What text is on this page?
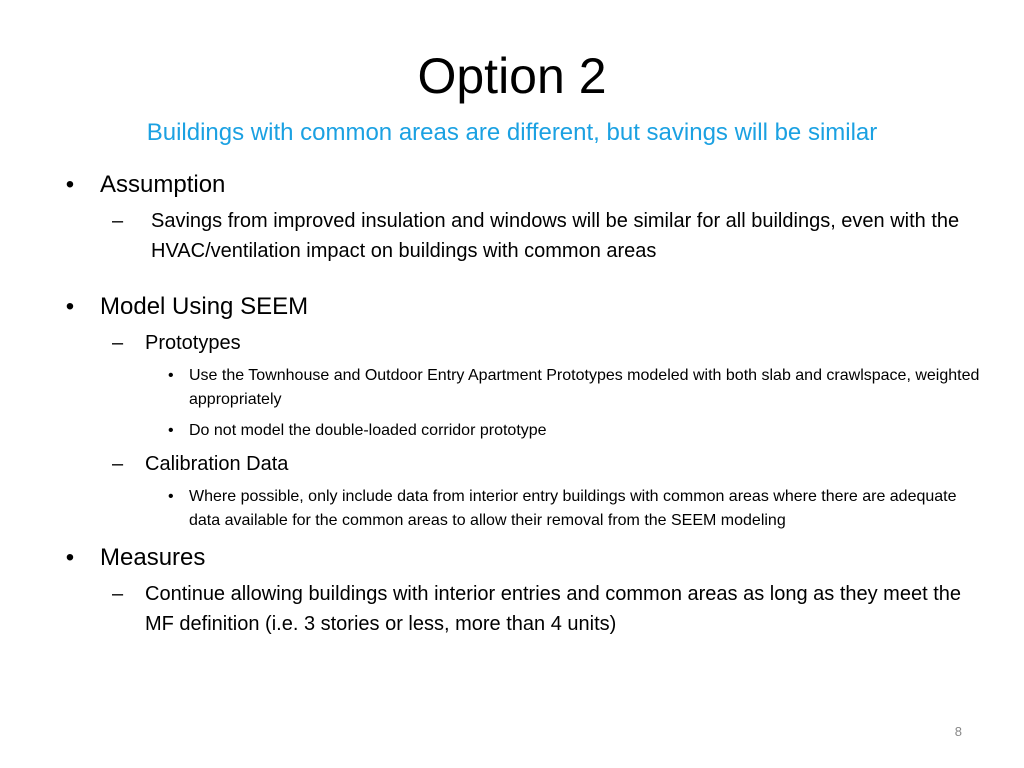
Option 2
Buildings with common areas are different, but savings will be similar
• Assumption
– Savings from improved insulation and windows will be similar for all buildings, even with the HVAC/ventilation impact on buildings with common areas
• Model Using SEEM
– Prototypes
• Use the Townhouse and Outdoor Entry Apartment Prototypes modeled with both slab and crawlspace, weighted appropriately
• Do not model the double-loaded corridor prototype
– Calibration Data
• Where possible, only include data from interior entry buildings with common areas where there are adequate data available for the common areas to allow their removal from the SEEM modeling
• Measures
– Continue allowing buildings with interior entries and common areas as long as they meet the MF definition (i.e. 3 stories or less, more than 4 units)
8
